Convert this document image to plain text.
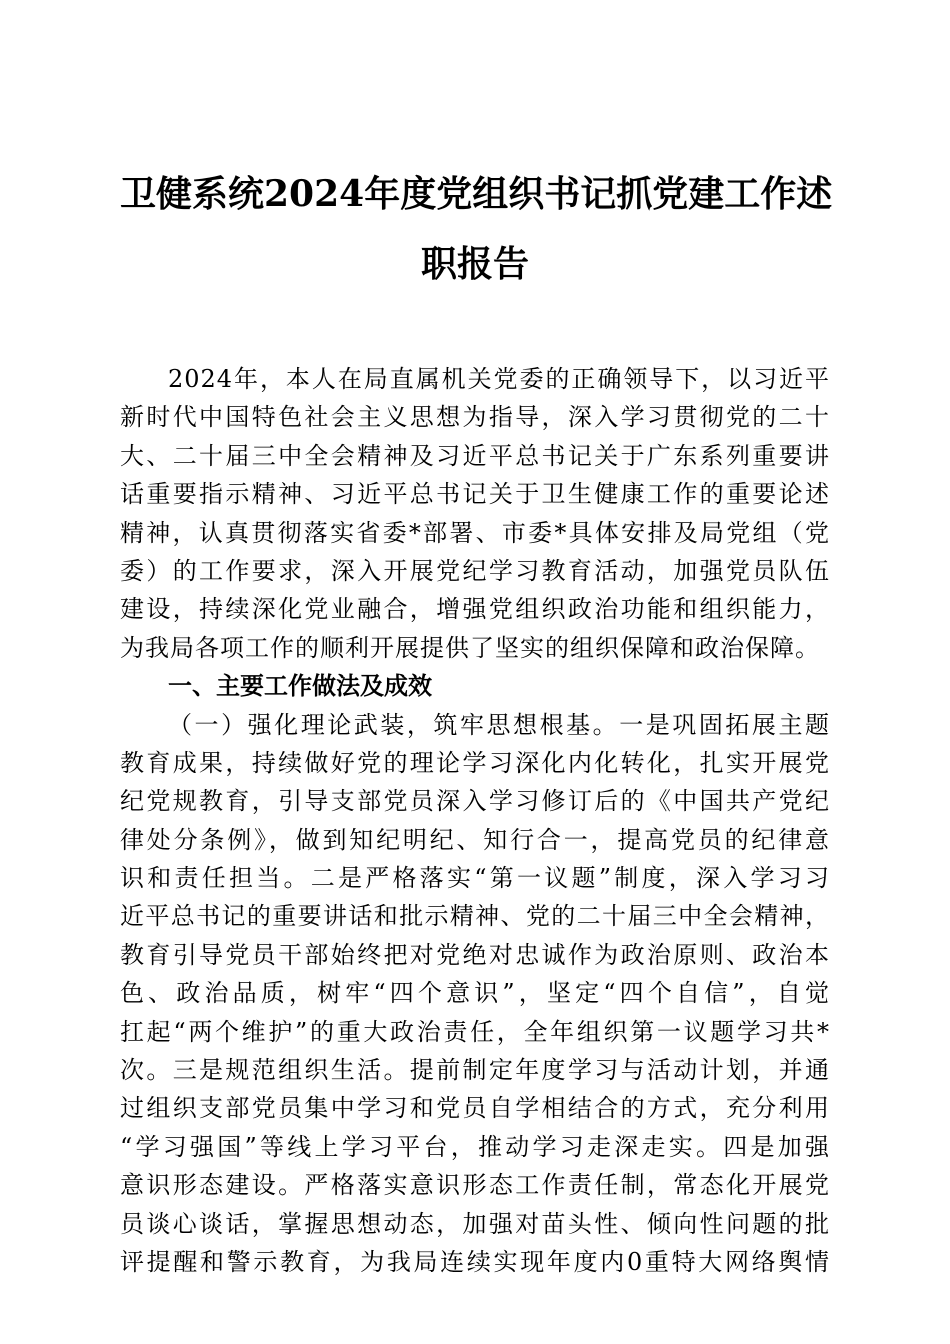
卫健系统2024年度党组织书记抓党建工作述
职报告
2024年，本人在局直属机关党委的正确领导下，以习近平
新时代中国特色社会主义思想为指导，深入学习贯彻党的二十
大、二十届三中全会精神及习近平总书记关于广东系列重要讲
话重要指示精神、习近平总书记关于卫生健康工作的重要论述
精神，认真贯彻落实省委*部署、市委*具体安排及局党组（党
委）的工作要求，深入开展党纪学习教育活动，加强党员队伍
建设，持续深化党业融合，增强党组织政治功能和组织能力，
为我局各项工作的顺利开展提供了坚实的组织保障和政治保障。
一、主要工作做法及成效
（一）强化理论武装，筑牢思想根基。一是巩固拓展主题
教育成果，持续做好党的理论学习深化内化转化，扎实开展党
纪党规教育，引导支部党员深入学习修订后的《中国共产党纪
律处分条例》，做到知纪明纪、知行合一，提高党员的纪律意
识和责任担当。二是严格落实“第一议题”制度，深入学习习
近平总书记的重要讲话和批示精神、党的二十届三中全会精神，
教育引导党员干部始终把对党绝对忠诚作为政治原则、政治本
色、政治品质，树牢“四个意识”，坚定“四个自信”，自觉
扛起“两个维护”的重大政治责任，全年组织第一议题学习共*
次。三是规范组织生活。提前制定年度学习与活动计划，并通
过组织支部党员集中学习和党员自学相结合的方式，充分利用
“学习强国”等线上学习平台，推动学习走深走实。四是加强
意识形态建设。严格落实意识形态工作责任制，常态化开展党
员谈心谈话，掌握思想动态，加强对苗头性、倾向性问题的批
评提醒和警示教育，为我局连续实现年度内0重特大网络舆情
